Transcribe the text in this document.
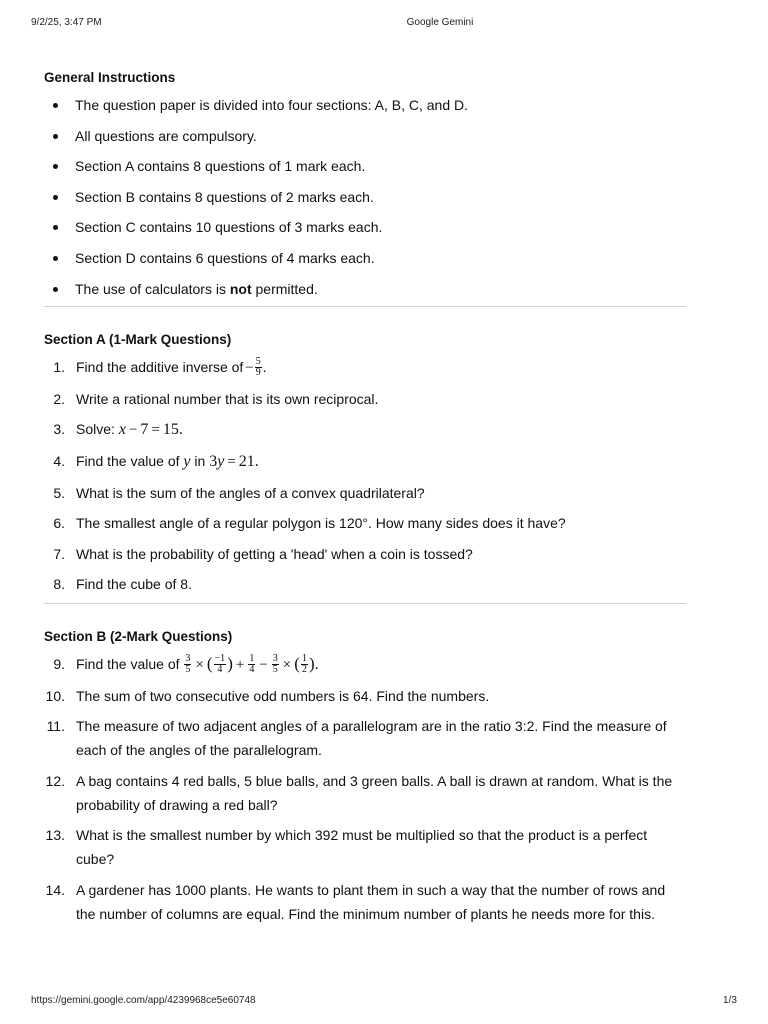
9/2/25, 3:47 PM	Google Gemini
General Instructions
The question paper is divided into four sections: A, B, C, and D.
All questions are compulsory.
Section A contains 8 questions of 1 mark each.
Section B contains 8 questions of 2 marks each.
Section C contains 10 questions of 3 marks each.
Section D contains 6 questions of 4 marks each.
The use of calculators is not permitted.
Section A (1-Mark Questions)
1. Find the additive inverse of − $\frac{5}{9}$ .
2. Write a rational number that is its own reciprocal.
3. Solve: x − 7 = 15.
4. Find the value of y in 3y = 21.
5. What is the sum of the angles of a convex quadrilateral?
6. The smallest angle of a regular polygon is 120°. How many sides does it have?
7. What is the probability of getting a 'head' when a coin is tossed?
8. Find the cube of 8.
Section B (2-Mark Questions)
9. Find the value of $\frac{3}{5}$ × ( $\frac{-1}{4}$ ) + $\frac{1}{4} - \frac{3}{5}$ × ( $\frac{1}{2}$ ).
10. The sum of two consecutive odd numbers is 64. Find the numbers.
11. The measure of two adjacent angles of a parallelogram are in the ratio 3:2. Find the measure of each of the angles of the parallelogram.
12. A bag contains 4 red balls, 5 blue balls, and 3 green balls. A ball is drawn at random. What is the probability of drawing a red ball?
13. What is the smallest number by which 392 must be multiplied so that the product is a perfect cube?
14. A gardener has 1000 plants. He wants to plant them in such a way that the number of rows and the number of columns are equal. Find the minimum number of plants he needs more for this.
https://gemini.google.com/app/4239968ce5e60748	1/3
